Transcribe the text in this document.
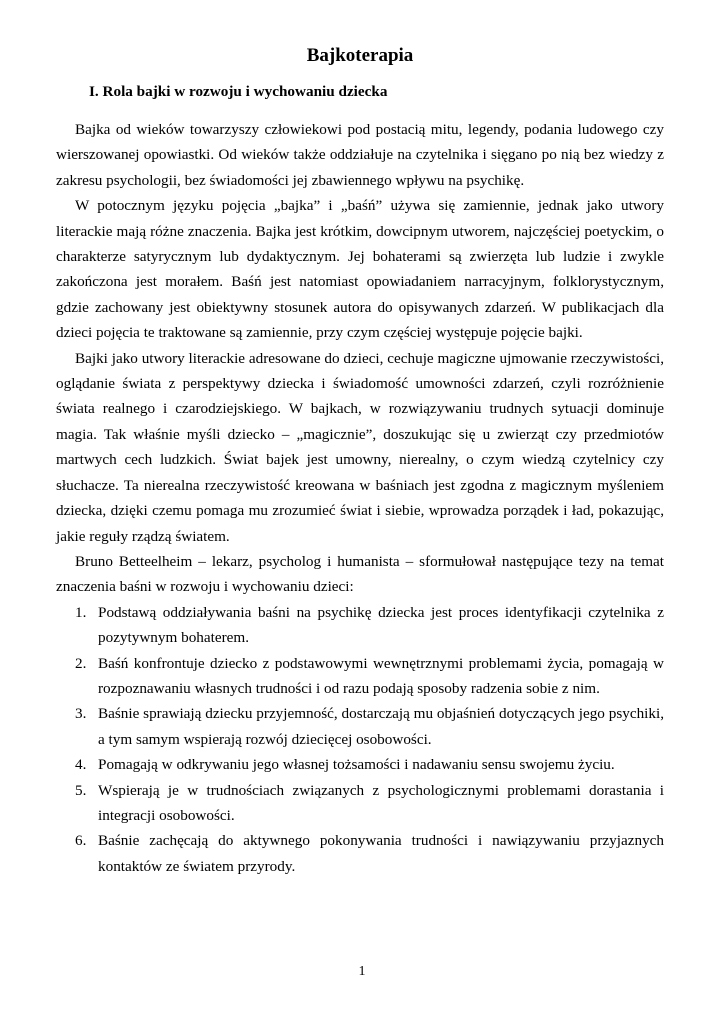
Bajkoterapia
I. Rola bajki w rozwoju i wychowaniu dziecka

Bajka od wieków towarzyszy człowiekowi pod postacią mitu, legendy, podania ludowego czy wierszowanej opowiastki. Od wieków także oddziałuje na czytelnika i sięgano po nią bez wiedzy z zakresu psychologii, bez świadomości jej zbawiennego wpływu na psychikę.

W potocznym języku pojęcia „bajka” i „baśń” używa się zamiennie, jednak jako utwory literackie mają różne znaczenia. Bajka jest krótkim, dowcipnym utworem, najczęściej poetyckim, o charakterze satyrycznym lub dydaktycznym. Jej bohaterami są zwierzęta lub ludzie i zwykle zakończona jest morałem. Baśń jest natomiast opowiadaniem narracyjnym, folklorystycznym, gdzie zachowany jest obiektywny stosunek autora do opisywanych zdarzeń. W publikacjach dla dzieci pojęcia te traktowane są zamiennie, przy czym częściej występuje pojęcie bajki.

Bajki jako utwory literackie adresowane do dzieci, cechuje magiczne ujmowanie rzeczywistości, oglądanie świata z perspektywy dziecka i świadomość umowności zdarzeń, czyli rozróżnienie świata realnego i czarodziejskiego. W bajkach, w rozwiązywaniu trudnych sytuacji dominuje magia. Tak właśnie myśli dziecko – „magicznie”, doszukując się u zwierząt czy przedmiotów martwych cech ludzkich. Świat bajek jest umowny, nierealny, o czym wiedzą czytelnicy czy słuchacze. Ta nierealna rzeczywistość kreowana w baśniach jest zgodna z magicznym myśleniem dziecka, dzięki czemu pomaga mu zrozumieć świat i siebie, wprowadza porządek i ład, pokazując, jakie reguły rządzą światem.

Bruno Betteelheim – lekarz, psycholog i humanista – sformułował następujące tezy na temat znaczenia baśni w rozwoju i wychowaniu dzieci:

1. Podstawą oddziaływania baśni na psychikę dziecka jest proces identyfikacji czytelnika z pozytywnym bohaterem.
2. Baśń konfrontuje dziecko z podstawowymi wewnętrznymi problemami życia, pomagają w rozpoznawaniu własnych trudności i od razu podają sposoby radzenia sobie z nim.
3. Baśnie sprawiają dziecku przyjemność, dostarczają mu objaśnień dotyczących jego psychiki, a tym samym wspierają rozwój dziecięcej osobowości.
4. Pomagają w odkrywaniu jego własnej tożsamości i nadawaniu sensu swojemu życiu.
5. Wspierają je w trudnościach związanych z psychologicznymi problemami dorastania i integracji osobowości.
6. Baśnie zachęcają do aktywnego pokonywania trudności i nawiązywaniu przyjaznych kontaktów ze światem przyrody.
1
